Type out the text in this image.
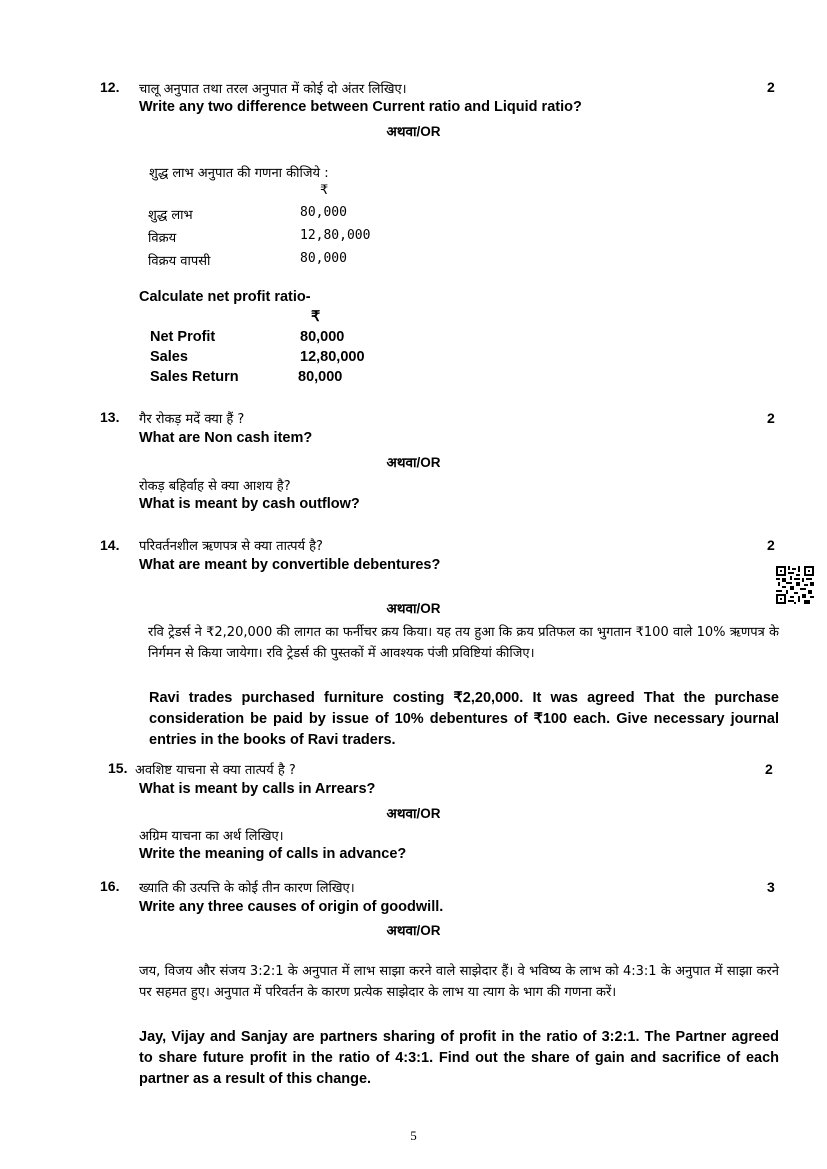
12. चालू अनुपात तथा तरल अनुपात में कोई दो अंतर लिखिए।	2
Write any two difference between Current ratio and Liquid ratio?
अथवा/OR
शुद्ध लाभ अनुपात की गणना कीजिये :
₹
शुद्ध लाभ	80,000
विक्रय	12,80,000
विक्रय वापसी	80,000
Calculate net profit ratio-
₹
Net Profit	80,000
Sales	12,80,000
Sales Return	80,000
13. गैर रोकड़ मदें क्या हैं ?	2
What are Non cash item?
अथवा/OR
रोकड़ बहिर्वाह से क्या आशय है?
What is meant by cash outflow?
14. परिवर्तनशील ऋणपत्र से क्या तात्पर्य है?	2
What are meant by convertible debentures?
अथवा/OR
रवि ट्रेडर्स ने ₹2,20,000 की लागत का फर्नीचर क्रय किया। यह तय हुआ कि क्रय प्रतिफल का भुगतान ₹100 वाले 10% ऋणपत्र के निर्गमन से किया जायेगा। रवि ट्रेडर्स की पुस्तकों में आवश्यक पंजी प्रविष्टियां कीजिए।
Ravi trades purchased furniture costing ₹2,20,000. It was agreed That the purchase consideration be paid by issue of 10% debentures of ₹100 each. Give necessary journal entries in the books of Ravi traders.
15. अवशिष्ट याचना से क्या तात्पर्य है ?	2
What is meant by calls in Arrears?
अथवा/OR
अग्रिम याचना का अर्थ लिखिए।
Write the meaning of calls in advance?
16. ख्याति की उत्पत्ति के कोई तीन कारण लिखिए।	3
Write any three causes of origin of goodwill.
अथवा/OR
जय, विजय और संजय 3:2:1 के अनुपात में लाभ साझा करने वाले साझेदार हैं। वे भविष्य के लाभ को 4:3:1 के अनुपात में साझा करने पर सहमत हुए। अनुपात में परिवर्तन के कारण प्रत्येक साझेदार के लाभ या त्याग के भाग की गणना करें।
Jay, Vijay and Sanjay are partners sharing of profit in the ratio of 3:2:1. The Partner agreed to share future profit in the ratio of 4:3:1. Find out the share of gain and sacrifice of each partner as a result of this change.
5
